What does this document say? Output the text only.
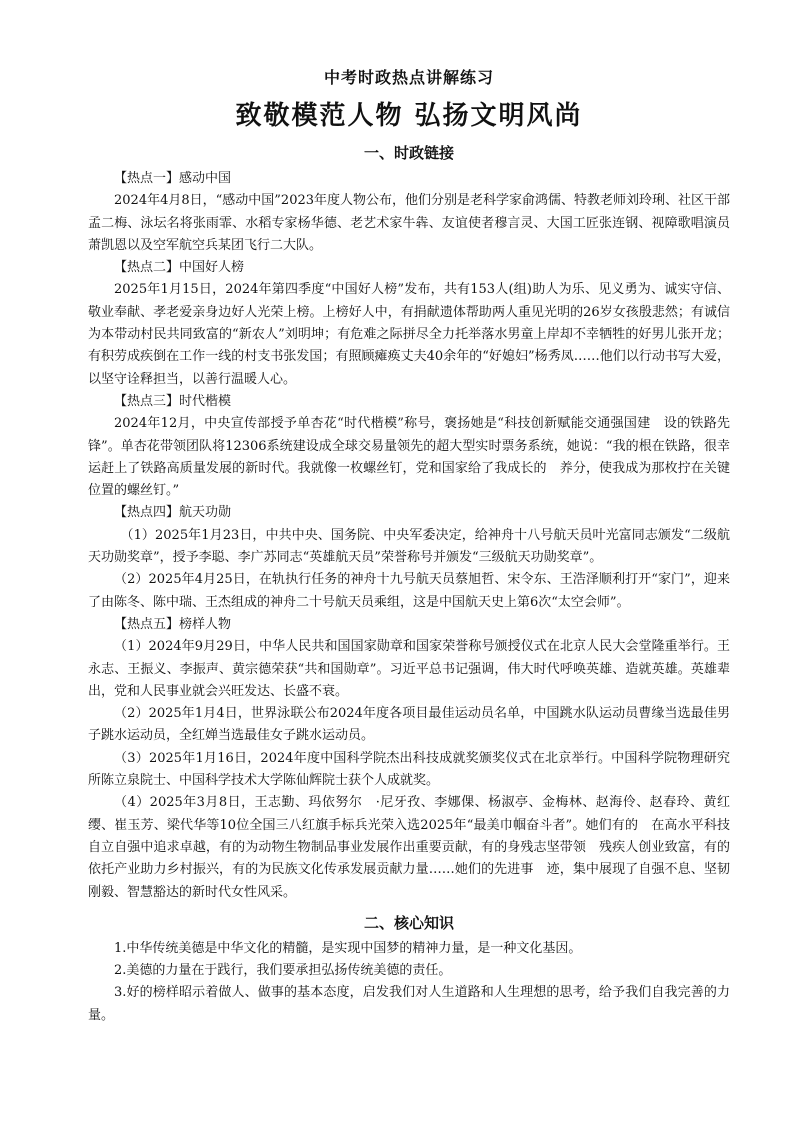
中考时政热点讲解练习
致敬模范人物 弘扬文明风尚
一、时政链接

【热点一】感动中国

2024年4月8日，“感动中国”2023年度人物公布，他们分别是老科学家俞鸿儒、特教老师刘玲琍、社区干部孟二梅、泳坛名将张雨霏、水稻专家杨华德、老艺术家牛犇、友谊使者穆言灵、大国工匠张连钢、视障歌唱演员萧凯恩以及空军航空兵某团飞行二大队。

【热点二】中国好人榜

2025年1月15日，2024年第四季度“中国好人榜”发布，共有153人(组)助人为乐、见义勇为、诚实守信、敬业奉献、孝老爱亲身边好人光荣上榜。上榜好人中，有捐献遗体帮助两人重见光明的26岁女孩殷悲然；有诚信为本带动村民共同致富的“新农人”刘明坤；有危难之际拼尽全力托举落水男童上岸却不幸牺牲的好男儿张开龙；有积劳成疾倒在工作一线的村支书张发国；有照顾瘫痪丈夫40余年的“好媳妇”杨秀凤……他们以行动书写大爱，以坚守诠释担当，以善行温暖人心。

【热点三】时代楷模

2024年12月，中央宣传部授予单杏花“时代楷模”称号，褒扬她是“科技创新赋能交通强国建　设的铁路先锋”。单杏花带领团队将12306系统建设成全球交易量领先的超大型实时票务系统，她说：“我的根在铁路，很幸运赶上了铁路高质量发展的新时代。我就像一枚螺丝钉，党和国家给了我成长的　养分，使我成为那枚拧在关键位置的螺丝钉。”

【热点四】航天功勋

（1）2025年1月23日，中共中央、国务院、中央军委决定，给神舟十八号航天员叶光富同志颁发“二级航天功勋奖章”，授予李聪、李广苏同志“英雄航天员”荣誉称号并颁发“三级航天功勋奖章”。

（2）2025年4月25日，在轨执行任务的神舟十九号航天员蔡旭哲、宋令东、王浩泽顺利打开“家门”，迎来了由陈冬、陈中瑞、王杰组成的神舟二十号航天员乘组，这是中国航天史上第6次“太空会师”。

【热点五】榜样人物

（1）2024年9月29日，中华人民共和国国家勋章和国家荣誉称号颁授仪式在北京人民大会堂隆重举行。王永志、王振义、李振声、黄宗德荣获“共和国勋章”。习近平总书记强调，伟大时代呼唤英雄、造就英雄。英雄辈出，党和人民事业就会兴旺发达、长盛不衰。

（2）2025年1月4日，世界泳联公布2024年度各项目最佳运动员名单，中国跳水队运动员曹缘当选最佳男子跳水运动员，全红婵当选最佳女子跳水运动员。

（3）2025年1月16日，2024年度中国科学院杰出科技成就奖颁奖仪式在北京举行。中国科学院物理研究所陈立泉院士、中国科学技术大学陈仙辉院士获个人成就奖。

（4）2025年3月8日，王志勤、玛依努尔　·尼牙孜、李娜倮、杨淑亭、金梅林、赵海伶、赵春玲、黄红缨、崔玉芳、梁代华等10位全国三八红旗手标兵光荣入选2025年“最美巾帼奋斗者”。她们有的　在高水平科技自立自强中追求卓越，有的为动物生物制品事业发展作出重要贡献，有的身残志坚带领　残疾人创业致富，有的依托产业助力乡村振兴，有的为民族文化传承发展贡献力量……她们的先进事　迹，集中展现了自强不息、坚韧刚毅、智慧豁达的新时代女性风采。

二、核心知识

1.中华传统美德是中华文化的精髓，是实现中国梦的精神力量，是一种文化基因。

2.美德的力量在于践行，我们要承担弘扬传统美德的责任。

3.好的榜样昭示着做人、做事的基本态度，启发我们对人生道路和人生理想的思考，给予我们自我完善的力量。
